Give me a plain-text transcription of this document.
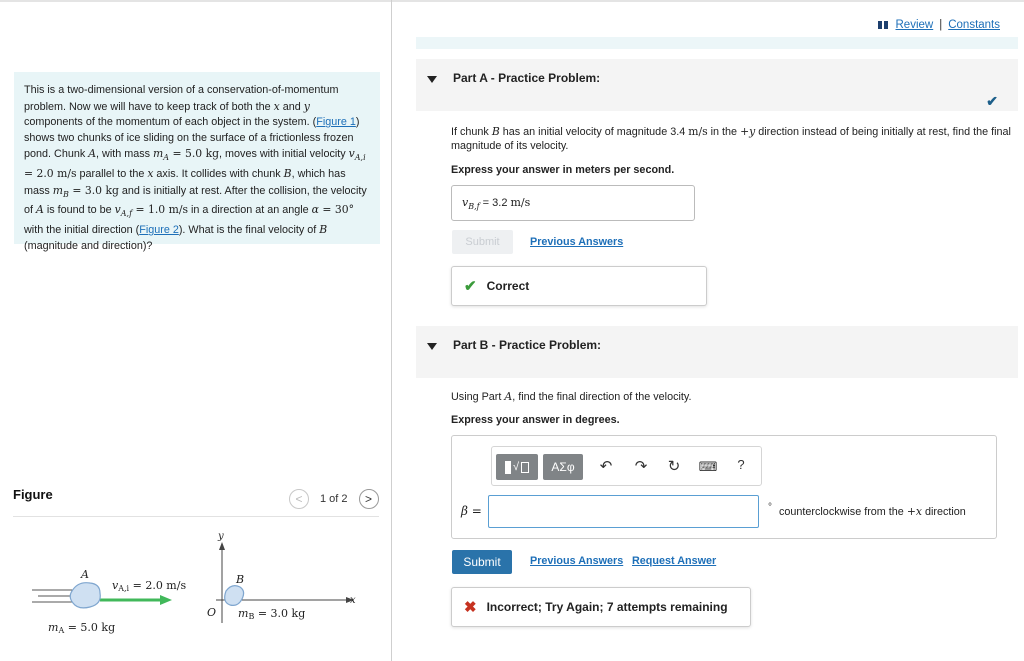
This is a two-dimensional version of a conservation-of-momentum problem. Now we will have to keep track of both the x and y components of the momentum of each object in the system. (Figure 1) shows two chunks of ice sliding on the surface of a frictionless frozen pond. Chunk A, with mass $m_A = 5.0$ kg, moves with initial velocity $v_{A,i} = 2.0$ m/s parallel to the x axis. It collides with chunk B, which has mass $m_B = 3.0$ kg and is initially at rest. After the collision, the velocity of A is found to be $v_{A,f} = 1.0$ m/s in a direction at an angle α = 30° with the initial direction (Figure 2). What is the final velocity of B (magnitude and direction)?
Figure	<	1 of 2	>
A	B
y
x
O
vA,i = 2.0 m/s
mA = 5.0 kg
mB = 3.0 kg
Review | Constants
Part A - Practice Problem:
✔
If chunk B has an initial velocity of magnitude 3.4 m/s in the +y direction instead of being initially at rest, find the final magnitude of its velocity.
Express your answer in meters per second.
$v_{B,f} = 3.2$ m/s
Submit	Previous Answers
✔ Correct
Part B - Practice Problem:
Using Part A, find the final direction of the velocity.
Express your answer in degrees.
√	ΑΣφ	↶ ↷ ↻ ⌨	?
β =	° counterclockwise from the +x direction
Submit	Previous Answers Request Answer
✖ Incorrect; Try Again; 7 attempts remaining
